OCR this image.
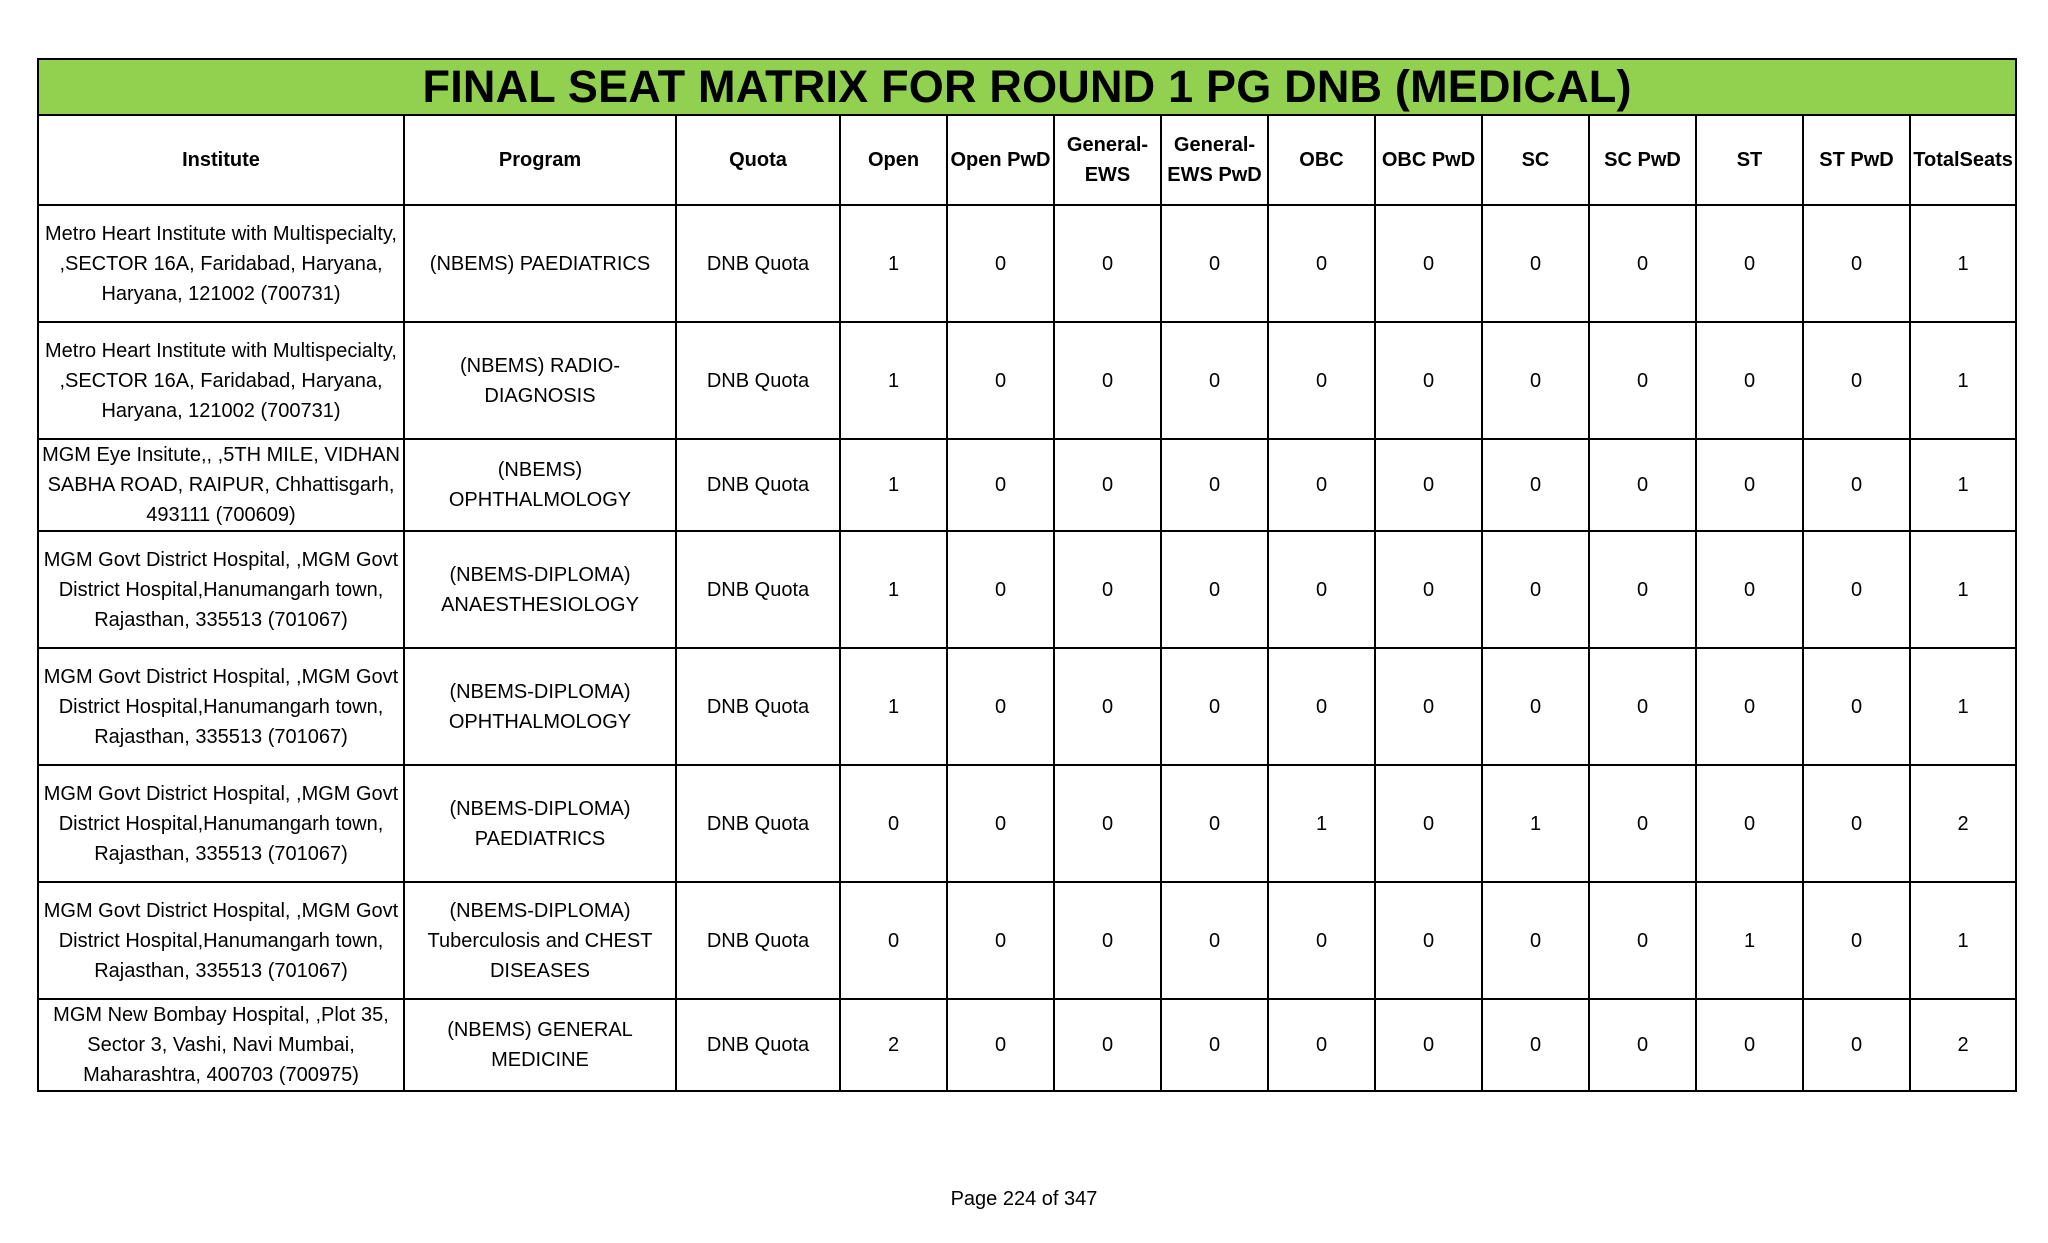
FINAL SEAT MATRIX FOR ROUND 1 PG DNB (MEDICAL)													
Institute	Program	Quota	Open	Open PwD	General-EWS	General-EWS PwD	OBC	OBC PwD	SC	SC PwD	ST	ST PwD	TotalSeats
Metro Heart Institute with Multispecialty, ,SECTOR 16A, Faridabad, Haryana, Haryana, 121002 (700731)	(NBEMS) PAEDIATRICS	DNB Quota	1	0	0	0	0	0	0	0	0	0	1
Metro Heart Institute with Multispecialty, ,SECTOR 16A, Faridabad, Haryana, Haryana, 121002 (700731)	(NBEMS) RADIO-DIAGNOSIS	DNB Quota	1	0	0	0	0	0	0	0	0	0	1
MGM Eye Insitute,, ,5TH MILE, VIDHAN SABHA ROAD, RAIPUR, Chhattisgarh, 493111 (700609)	(NBEMS) OPHTHALMOLOGY	DNB Quota	1	0	0	0	0	0	0	0	0	0	1
MGM Govt District Hospital, ,MGM Govt District Hospital,Hanumangarh town, Rajasthan, 335513 (701067)	(NBEMS-DIPLOMA) ANAESTHESIOLOGY	DNB Quota	1	0	0	0	0	0	0	0	0	0	1
MGM Govt District Hospital, ,MGM Govt District Hospital,Hanumangarh town, Rajasthan, 335513 (701067)	(NBEMS-DIPLOMA) OPHTHALMOLOGY	DNB Quota	1	0	0	0	0	0	0	0	0	0	1
MGM Govt District Hospital, ,MGM Govt District Hospital,Hanumangarh town, Rajasthan, 335513 (701067)	(NBEMS-DIPLOMA) PAEDIATRICS	DNB Quota	0	0	0	0	1	0	1	0	0	0	2
MGM Govt District Hospital, ,MGM Govt District Hospital,Hanumangarh town, Rajasthan, 335513 (701067)	(NBEMS-DIPLOMA) Tuberculosis and CHEST DISEASES	DNB Quota	0	0	0	0	0	0	0	0	1	0	1
MGM New Bombay Hospital, ,Plot 35, Sector 3, Vashi, Navi Mumbai, Maharashtra, 400703 (700975)	(NBEMS) GENERAL MEDICINE	DNB Quota	2	0	0	0	0	0	0	0	0	0	2
Page 224 of 347
